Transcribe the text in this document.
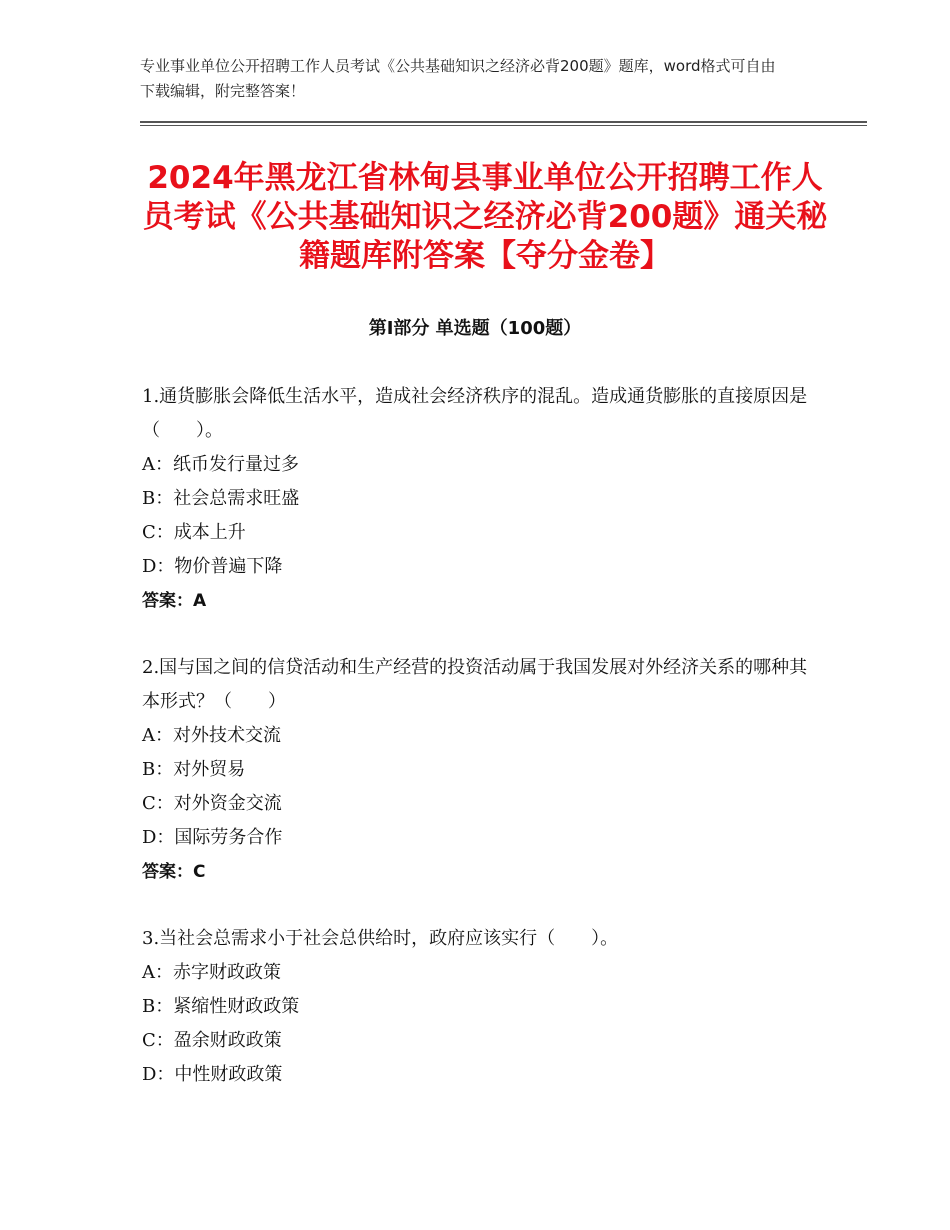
专业事业单位公开招聘工作人员考试《公共基础知识之经济必背200题》题库，word格式可自由下载编辑，附完整答案！
2024年黑龙江省林甸县事业单位公开招聘工作人员考试《公共基础知识之经济必背200题》通关秘籍题库附答案【夺分金卷】
第Ⅰ部分 单选题（100题）
1.通货膨胀会降低生活水平，造成社会经济秩序的混乱。造成通货膨胀的直接原因是（　　）。
A：纸币发行量过多
B：社会总需求旺盛
C：成本上升
D：物价普遍下降
答案：A
2.国与国之间的信贷活动和生产经营的投资活动属于我国发展对外经济关系的哪种其本形式？（　　）
A：对外技术交流
B：对外贸易
C：对外资金交流
D：国际劳务合作
答案：C
3.当社会总需求小于社会总供给时，政府应该实行（　　）。
A：赤字财政政策
B：紧缩性财政政策
C：盈余财政政策
D：中性财政政策
